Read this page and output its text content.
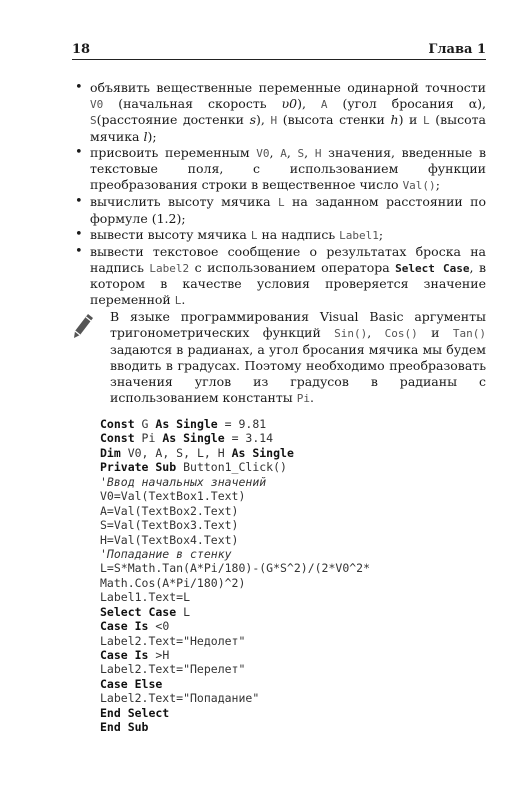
18	Глава 1
• объявить вещественные переменные одинарной точности V0 (начальная скорость υ0), A (угол бросания α), S(расстояние достенки s), H (высота стенки h) и L (высота мячика l);
• присвоить переменным V0, A, S, H значения, введенные в текстовые поля, с использованием функции преобразования строки в вещественное число Val();
• вычислить высоту мячика L на заданном расстоянии по формуле (1.2);
• вывести высоту мячика L на надпись Label1;
• вывести текстовое сообщение о результатах броска на надпись Label2 с использованием оператора Select Case, в котором в качестве условия проверяется значение переменной L.
В языке программирования Visual Basic аргументы тригонометрических функций Sin(), Cos() и Tan() задаются в радианах, а угол бросания мячика мы будем вводить в градусах. Поэтому необходимо преобразовать значения углов из градусов в радианы с использованием константы Pi.
Const G As Single = 9.81
Const Pi As Single = 3.14
Dim V0, A, S, L, H As Single
Private Sub Button1_Click()
'Ввод начальных значений
V0=Val(TextBox1.Text)
A=Val(TextBox2.Text)
S=Val(TextBox3.Text)
H=Val(TextBox4.Text)
'Попадание в стенку
L=S*Math.Tan(A*Pi/180)-(G*S^2)/(2*V0^2*
Math.Cos(A*Pi/180)^2)
Label1.Text=L
Select Case L
Case Is <0
Label2.Text="Недолет"
Case Is >H
Label2.Text="Перелет"
Case Else
Label2.Text="Попадание"
End Select
End Sub
